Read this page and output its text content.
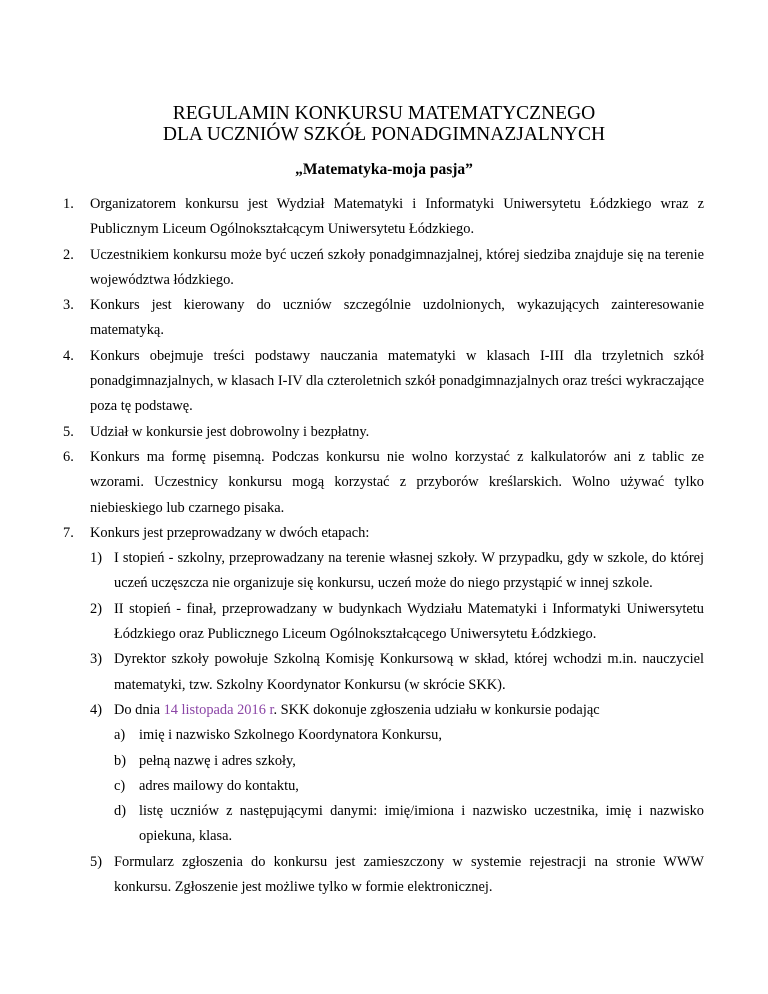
REGULAMIN KONKURSU MATEMATYCZNEGO
DLA UCZNIÓW SZKÓŁ PONADGIMNAZJALNYCH
„Matematyka-moja pasja”

1. Organizatorem konkursu jest Wydział Matematyki i Informatyki Uniwersytetu Łódzkiego wraz z Publicznym Liceum Ogólnokształcącym Uniwersytetu Łódzkiego.

2. Uczestnikiem konkursu może być uczeń szkoły ponadgimnazjalnej, której siedziba znajduje się na terenie województwa łódzkiego.

3. Konkurs jest kierowany do uczniów szczególnie uzdolnionych, wykazujących zainteresowanie matematyką.

4. Konkurs obejmuje treści podstawy nauczania matematyki w klasach I-III dla trzyletnich szkół ponadgimnazjalnych, w klasach I-IV dla czteroletnich szkół ponadgimnazjalnych oraz treści wykraczające poza tę podstawę.

5. Udział w konkursie jest dobrowolny i bezpłatny.

6. Konkurs ma formę pisemną. Podczas konkursu nie wolno korzystać z kalkulatorów ani z tablic ze wzorami. Uczestnicy konkursu mogą korzystać z przyborów kreślarskich. Wolno używać tylko niebieskiego lub czarnego pisaka.

7. Konkurs jest przeprowadzany w dwóch etapach:

1) I stopień - szkolny, przeprowadzany na terenie własnej szkoły. W przypadku, gdy w szkole, do której uczeń uczęszcza nie organizuje się konkursu, uczeń może do niego przystąpić w innej szkole.

2) II stopień - finał, przeprowadzany w budynkach Wydziału Matematyki i Informatyki Uniwersytetu Łódzkiego oraz Publicznego Liceum Ogólnokształcącego Uniwersytetu Łódzkiego.

3) Dyrektor szkoły powołuje Szkolną Komisję Konkursową w skład, której wchodzi m.in. nauczyciel matematyki, tzw. Szkolny Koordynator Konkursu (w skrócie SKK).

4) Do dnia 14 listopada 2016 r. SKK dokonuje zgłoszenia udziału w konkursie podając

a) imię i nazwisko Szkolnego Koordynatora Konkursu,

b) pełną nazwę i adres szkoły,

c) adres mailowy do kontaktu,

d) listę uczniów z następującymi danymi: imię/imiona i nazwisko uczestnika, imię i nazwisko opiekuna, klasa.

5) Formularz zgłoszenia do konkursu jest zamieszczony w systemie rejestracji na stronie WWW konkursu. Zgłoszenie jest możliwe tylko w formie elektronicznej.
